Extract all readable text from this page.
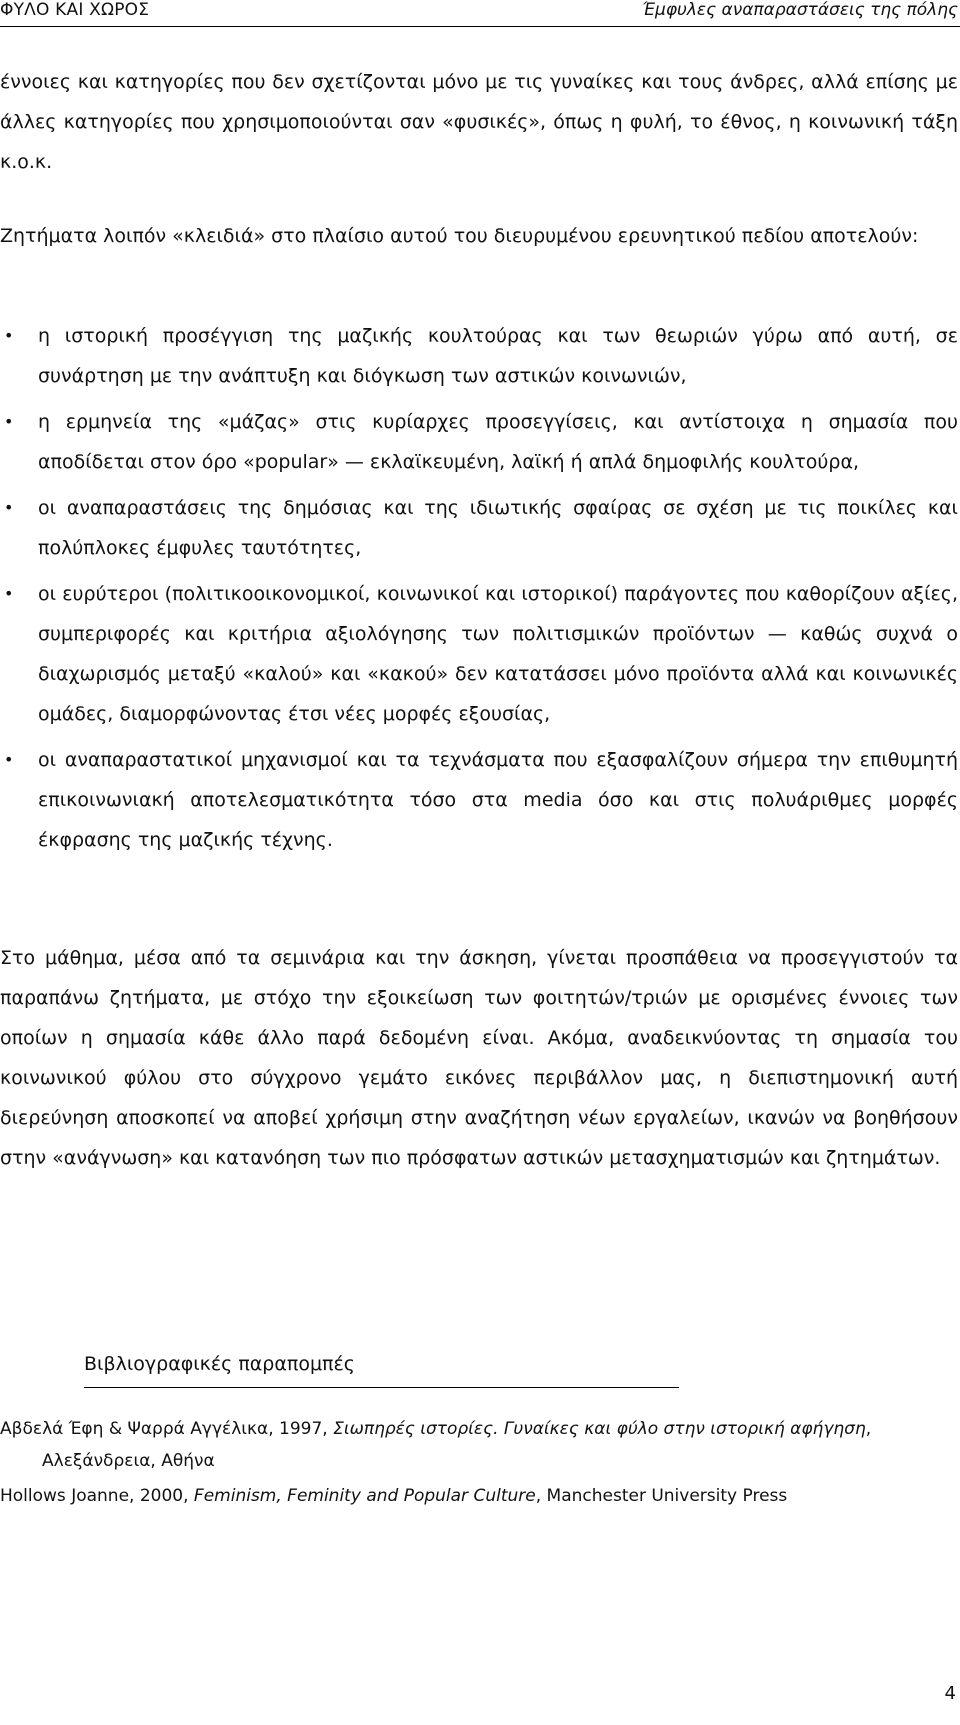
ΦΥΛΟ ΚΑΙ ΧΩΡΟΣ	Έμφυλες αναπαραστάσεις της πόλης

έννοιες και κατηγορίες που δεν σχετίζονται μόνο με τις γυναίκες και τους άνδρες, αλλά επίσης με άλλες κατηγορίες που χρησιμοποιούνται σαν «φυσικές», όπως η φυλή, το έθνος, η κοινωνική τάξη κ.ο.κ.

Ζητήματα λοιπόν «κλειδιά» στο πλαίσιο αυτού του διευρυμένου ερευνητικού πεδίου αποτελούν:

• η ιστορική προσέγγιση της μαζικής κουλτούρας και των θεωριών γύρω από αυτή, σε συνάρτηση με την ανάπτυξη και διόγκωση των αστικών κοινωνιών,
• η ερμηνεία της «μάζας» στις κυρίαρχες προσεγγίσεις, και αντίστοιχα η σημασία που αποδίδεται στον όρο «popular» — εκλαϊκευμένη, λαϊκή ή απλά δημοφιλής κουλτούρα,
• οι αναπαραστάσεις της δημόσιας και της ιδιωτικής σφαίρας σε σχέση με τις ποικίλες και πολύπλοκες έμφυλες ταυτότητες,
• οι ευρύτεροι (πολιτικοοικονομικοί, κοινωνικοί και ιστορικοί) παράγοντες που καθορίζουν αξίες, συμπεριφορές και κριτήρια αξιολόγησης των πολιτισμικών προϊόντων — καθώς συχνά ο διαχωρισμός μεταξύ «καλού» και «κακού» δεν κατατάσσει μόνο προϊόντα αλλά και κοινωνικές ομάδες, διαμορφώνοντας έτσι νέες μορφές εξουσίας,
• οι αναπαραστατικοί μηχανισμοί και τα τεχνάσματα που εξασφαλίζουν σήμερα την επιθυμητή επικοινωνιακή αποτελεσματικότητα τόσο στα media όσο και στις πολυάριθμες μορφές έκφρασης της μαζικής τέχνης.

Στο μάθημα, μέσα από τα σεμινάρια και την άσκηση, γίνεται προσπάθεια να προσεγγιστούν τα παραπάνω ζητήματα, με στόχο την εξοικείωση των φοιτητών/τριών με ορισμένες έννοιες των οποίων η σημασία κάθε άλλο παρά δεδομένη είναι. Ακόμα, αναδεικνύοντας τη σημασία του κοινωνικού φύλου στο σύγχρονο γεμάτο εικόνες περιβάλλον μας, η διεπιστημονική αυτή διερεύνηση αποσκοπεί να αποβεί χρήσιμη στην αναζήτηση νέων εργαλείων, ικανών να βοηθήσουν στην «ανάγνωση» και κατανόηση των πιο πρόσφατων αστικών μετασχηματισμών και ζητημάτων.

Βιβλιογραφικές παραπομπές
Αβδελά Έφη & Ψαρρά Αγγέλικα, 1997, Σιωπηρές ιστορίες. Γυναίκες και φύλο στην ιστορική αφήγηση,
Αλεξάνδρεια, Αθήνα
Hollows Joanne, 2000, Feminism, Feminity and Popular Culture, Manchester University Press
4
